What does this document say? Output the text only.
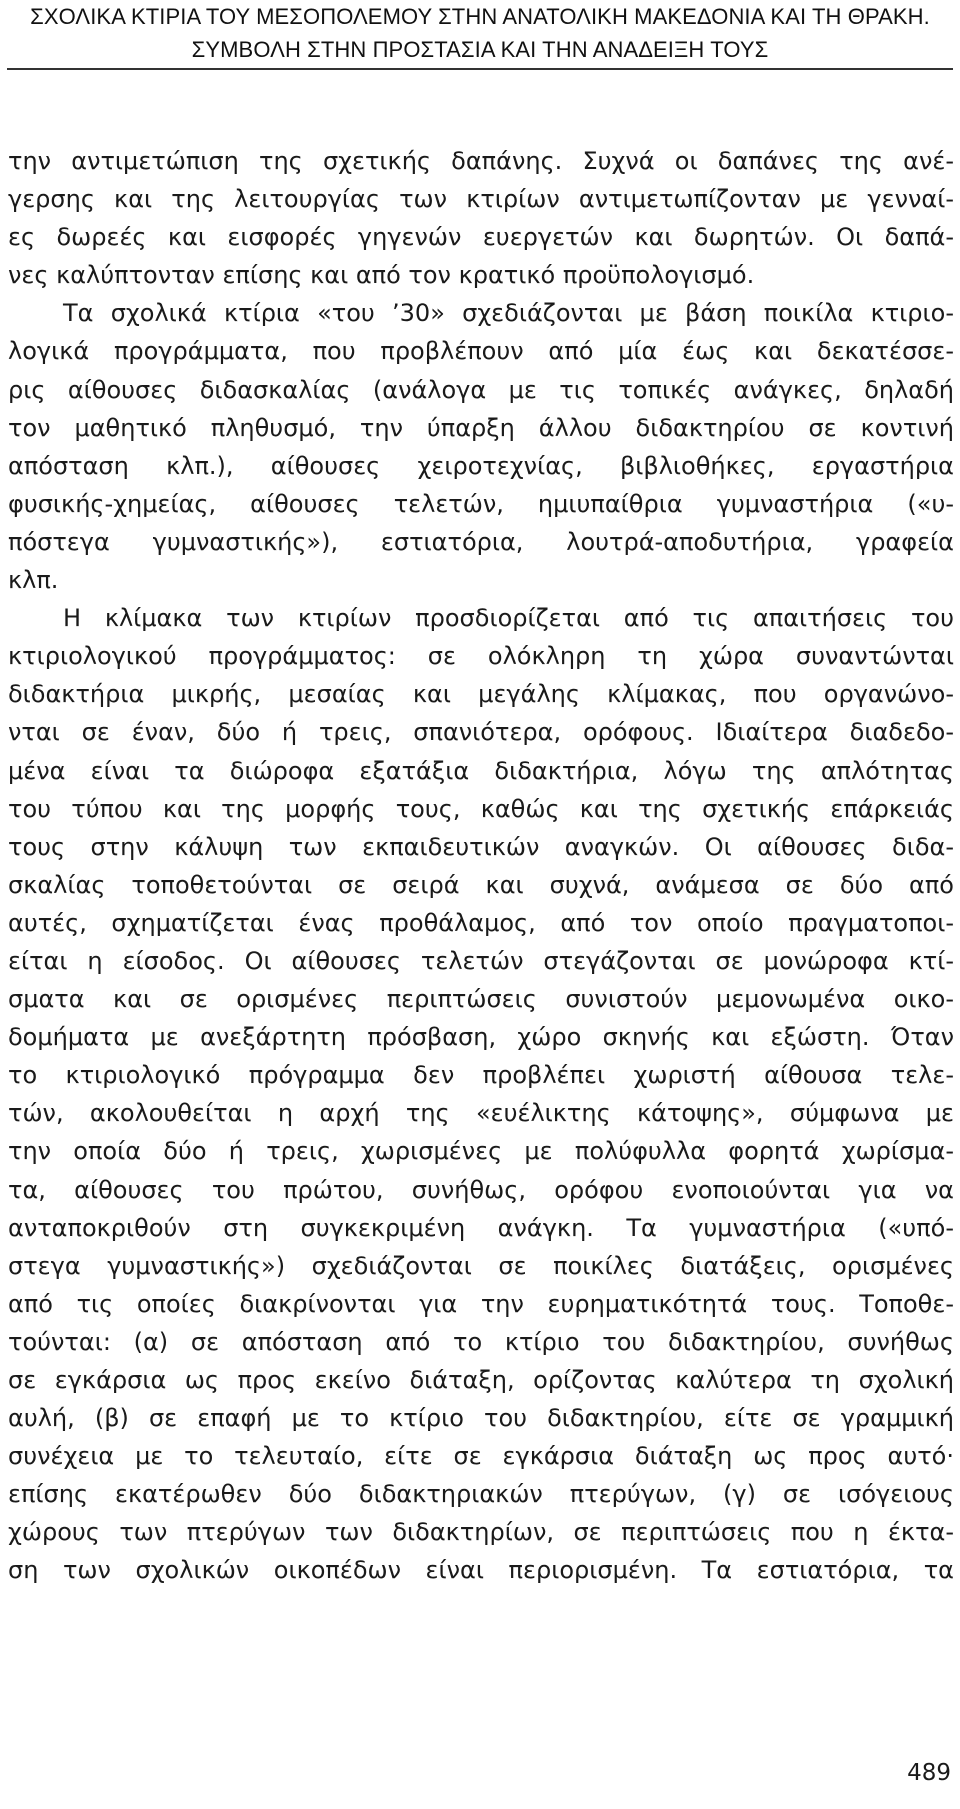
ΣΧΟΛΙΚΑ ΚΤΙΡΙΑ ΤΟΥ ΜΕΣΟΠΟΛΕΜΟΥ ΣΤΗΝ ΑΝΑΤΟΛΙΚΗ ΜΑΚΕΔΟΝΙΑ ΚΑΙ ΤΗ ΘΡΑΚΗ.
ΣΥΜΒΟΛΗ ΣΤΗΝ ΠΡΟΣΤΑΣΙΑ ΚΑΙ ΤΗΝ ΑΝΑΔΕΙΞΗ ΤΟΥΣ
την αντιμετώπιση της σχετικής δαπάνης. Συχνά οι δαπάνες της ανέ-
γερσης και της λειτουργίας των κτιρίων αντιμετωπίζονταν με γενναί-
ες δωρεές και εισφορές γηγενών ευεργετών και δωρητών. Οι δαπά-
νες καλύπτονταν επίσης και από τον κρατικό προϋπολογισμό.
Τα σχολικά κτίρια «του ’30» σχεδιάζονται με βάση ποικίλα κτιριο-
λογικά προγράμματα, που προβλέπουν από μία έως και δεκατέσσε-
ρις αίθουσες διδασκαλίας (ανάλογα με τις τοπικές ανάγκες, δηλαδή
τον μαθητικό πληθυσμό, την ύπαρξη άλλου διδακτηρίου σε κοντινή
απόσταση κλπ.), αίθουσες χειροτεχνίας, βιβλιοθήκες, εργαστήρια
φυσικής-χημείας, αίθουσες τελετών, ημιυπαίθρια γυμναστήρια («υ-
πόστεγα γυμναστικής»), εστιατόρια, λουτρά-αποδυτήρια, γραφεία
κλπ.
Η κλίμακα των κτιρίων προσδιορίζεται από τις απαιτήσεις του
κτιριολογικού προγράμματος: σε ολόκληρη τη χώρα συναντώνται
διδακτήρια μικρής, μεσαίας και μεγάλης κλίμακας, που οργανώνο-
νται σε έναν, δύο ή τρεις, σπανιότερα, ορόφους. Ιδιαίτερα διαδεδο-
μένα είναι τα διώροφα εξατάξια διδακτήρια, λόγω της απλότητας
του τύπου και της μορφής τους, καθώς και της σχετικής επάρκειάς
τους στην κάλυψη των εκπαιδευτικών αναγκών. Οι αίθουσες διδα-
σκαλίας τοποθετούνται σε σειρά και συχνά, ανάμεσα σε δύο από
αυτές, σχηματίζεται ένας προθάλαμος, από τον οποίο πραγματοποι-
είται η είσοδος. Οι αίθουσες τελετών στεγάζονται σε μονώροφα κτί-
σματα και σε ορισμένες περιπτώσεις συνιστούν μεμονωμένα οικο-
δομήματα με ανεξάρτητη πρόσβαση, χώρο σκηνής και εξώστη. Όταν
το κτιριολογικό πρόγραμμα δεν προβλέπει χωριστή αίθουσα τελε-
τών, ακολουθείται η αρχή της «ευέλικτης κάτοψης», σύμφωνα με
την οποία δύο ή τρεις, χωρισμένες με πολύφυλλα φορητά χωρίσμα-
τα, αίθουσες του πρώτου, συνήθως, ορόφου ενοποιούνται για να
ανταποκριθούν στη συγκεκριμένη ανάγκη. Τα γυμναστήρια («υπό-
στεγα γυμναστικής») σχεδιάζονται σε ποικίλες διατάξεις, ορισμένες
από τις οποίες διακρίνονται για την ευρηματικότητά τους. Τοποθε-
τούνται: (α) σε απόσταση από το κτίριο του διδακτηρίου, συνήθως
σε εγκάρσια ως προς εκείνο διάταξη, ορίζοντας καλύτερα τη σχολική
αυλή, (β) σε επαφή με το κτίριο του διδακτηρίου, είτε σε γραμμική
συνέχεια με το τελευταίο, είτε σε εγκάρσια διάταξη ως προς αυτό·
επίσης εκατέρωθεν δύο διδακτηριακών πτερύγων, (γ) σε ισόγειους
χώρους των πτερύγων των διδακτηρίων, σε περιπτώσεις που η έκτα-
ση των σχολικών οικοπέδων είναι περιορισμένη. Τα εστιατόρια, τα
489
